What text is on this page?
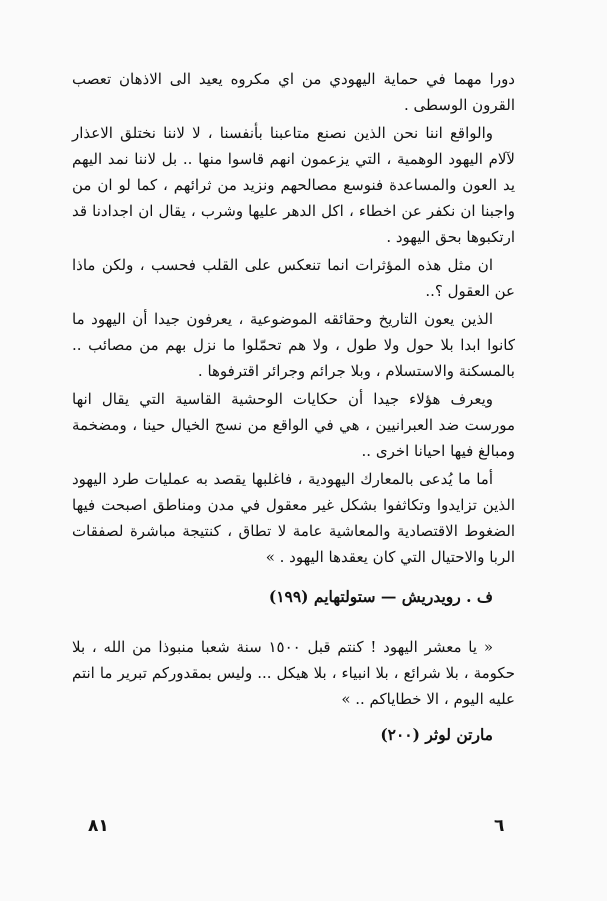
دورا مهما في حماية اليهودي من اي مكروه يعيد الى الاذهان تعصب القرون الوسطى .

والواقع اننا نحن الذين نصنع متاعبنا بأنفسنا ، لا لاننا نختلق الاعذار لآلام اليهود الوهمية ، التي يزعمون انهم قاسوا منها .. بل لاننا نمد اليهم يد العون والمساعدة فنوسع مصالحهم ونزيد من ثرائهم ، كما لو ان من واجبنا ان نكفر عن اخطاء ، اكل الدهر عليها وشرب ، يقال ان اجدادنا قد ارتكبوها بحق اليهود .

ان مثل هذه المؤثرات انما تنعكس على القلب فحسب ، ولكن ماذا عن العقول ؟..

الذين يعون التاريخ وحقائقه الموضوعية ، يعرفون جيدا أن اليهود ما كانوا ابدا بلا حول ولا طول ، ولا هم تحمّلوا ما نزل بهم من مصائب .. بالمسكنة والاستسلام ، وبلا جرائم وجرائر اقترفوها .

ويعرف هؤلاء جيدا أن حكايات الوحشية القاسية التي يقال انها مورست ضد العبرانيين ، هي في الواقع من نسج الخيال حينا ، ومضخمة ومبالغ فيها احيانا اخرى ..

أما ما يُدعى بالمعارك اليهودية ، فاغلبها يقصد به عمليات طرد اليهود الذين تزايدوا وتكاثفوا بشكل غير معقول في مدن ومناطق اصبحت فيها الضغوط الاقتصادية والمعاشية عامة لا تطاق ، كنتيجة مباشرة لصفقات الربا والاحتيال التي كان يعقدها اليهود . »

ف . رويدريش — ستولتهايم (١٩٩)

« يا معشر اليهود ! كنتم قبل ١٥٠٠ سنة شعبا منبوذا من الله ، بلا حكومة ، بلا شرائع ، بلا انبياء ، بلا هيكل ... وليس بمقدوركم تبرير ما انتم عليه اليوم ، الا خطاياكم .. »

مارتن لوثر (٢٠٠)
٨١	٦
